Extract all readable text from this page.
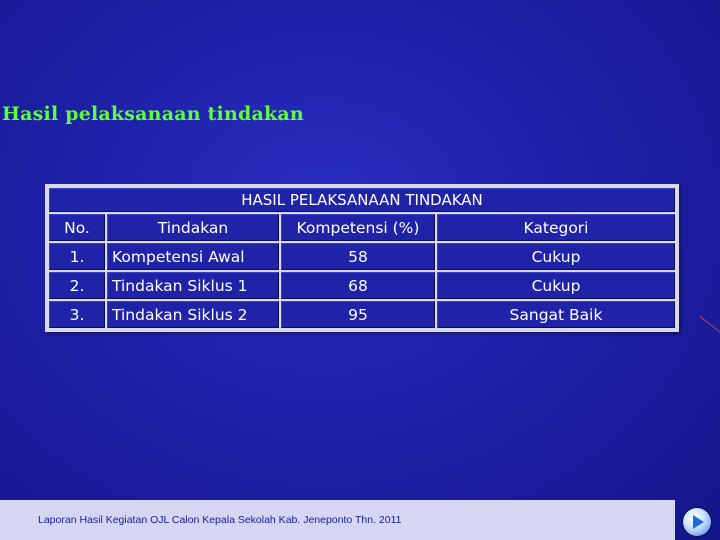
Hasil pelaksanaan tindakan
HASIL PELAKSANAAN TINDAKAN			
No.	Tindakan	Kompetensi (%)	Kategori
1.	Kompetensi Awal	58	Cukup
2.	Tindakan Siklus 1	68	Cukup
3.	Tindakan Siklus 2	95	Sangat Baik
Laporan Hasil Kegiatan OJL Calon Kepala Sekolah Kab. Jeneponto Thn. 2011
